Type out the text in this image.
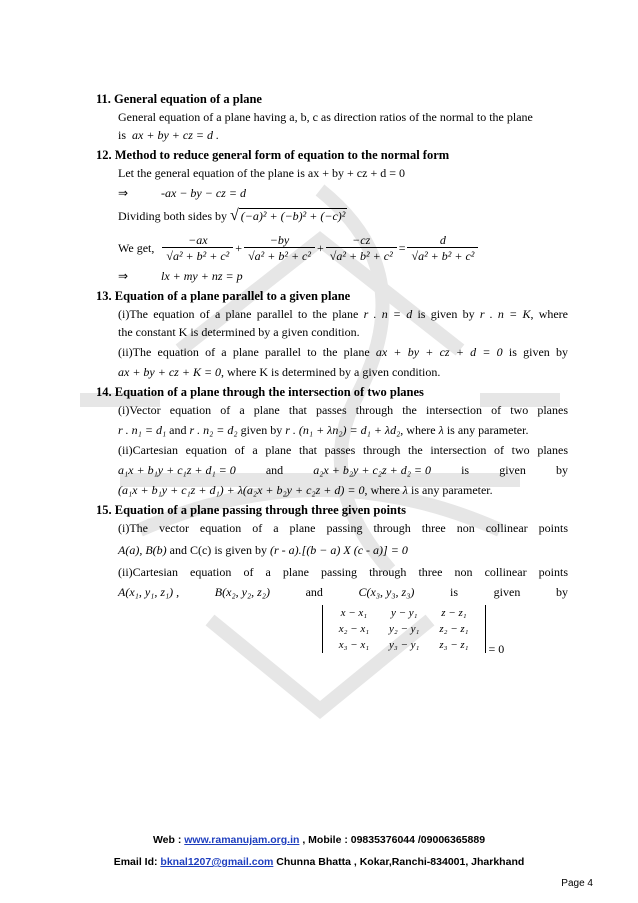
11. General equation of a plane
General equation of a plane having a, b, c as direction ratios of the normal to the plane
is ax + by + cz = d .
12. Method to reduce general form of equation to the normal form
Let the general equation of the plane is ax + by + cz + d = 0
⇒	-ax − by − cz = d
Dividing both sides by √ (−a)² + (−b)² + (−c)²
We get, $\frac{-ax}{\text{√a² + b² + c²}} + \frac{-by}{\text{√a² + b² + c²}} + \frac{-cz}{\text{√a² + b² + c²}} = \frac{d}{\text{√a² + b² + c²}}$
⇒	lx + my + nz = p
13. Equation of a plane parallel to a given plane
(i)The equation of a plane parallel to the plane r . n = d is given by r . n = K, where
the constant K is determined by a given condition.
(ii)The equation of a plane parallel to the plane ax + by + cz + d = 0 is given by
ax + by + cz + K = 0, where K is determined by a given condition.
14. Equation of a plane through the intersection of two planes
(i)Vector equation of a plane that passes through the intersection of two planes
r . n₁ = d₁ and r . n₂ = d₂ given by r . (n₁ + λn₂) = d₁ + λd₂, where λ is any parameter.
(ii)Cartesian equation of a plane that passes through the intersection of two planes
a₁x + b₁y + c₁z + d₁ = 0	and	a₂x + b₂y + c₂z + d₂ = 0	is	given	by
(a₁x + b₁y + c₁z + d₁) + λ(a₂x + b₂y + c₂z + d) = 0, where λ is any parameter.
15. Equation of a plane passing through three given points
(i)The vector equation of a plane passing through three non collinear points
A(a), B(b) and C(c) is given by (r - a).[(b − a) X (c - a)] = 0
(ii)Cartesian equation of a plane passing through three non collinear points
A(x₁, y₁, z₁) ,	B(x₂, y₂, z₂)	and	C(x₃, y₃, z₃)	is	given	by
x − x₁	y − y₁	z − z₁
x₂ − x₁	y₂ − y₁	z₂ − z₁
x₃ − x₁	y₃ − y₁	z₃ − z₁ = 0
Web : www.ramanujam.org.in , Mobile : 09835376044 /09006365889
Email Id: bknal1207@gmail.com Chunna Bhatta , Kokar,Ranchi-834001, Jharkhand
Page 4
